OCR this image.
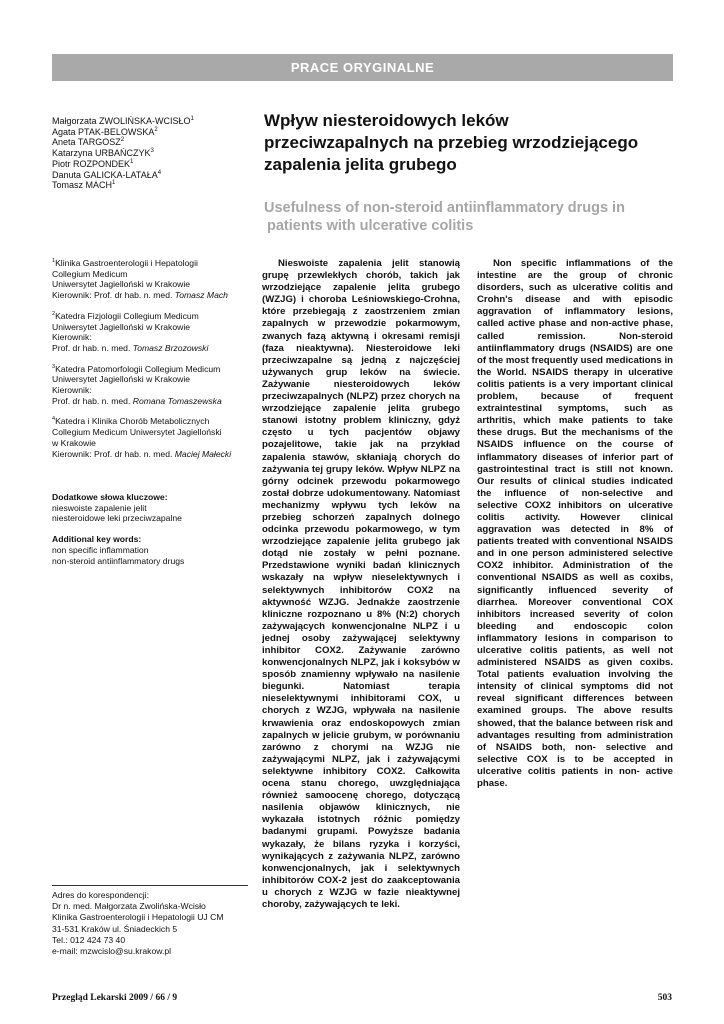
PRACE ORYGINALNE
Małgorzata ZWOLIŃSKA-WCISŁO$^1$
Agata PTAK-BELOWSKA$^2$
Aneta TARGOSZ$^2$
Katarzyna URBAŃCZYK$^3$
Piotr ROZPONDEK$^1$
Danuta GALICKA-LATAŁA$^4$
Tomasz MACH$^1$
Wpływ niesteroidowych leków
przeciwzapalnych na przebieg wrzodziejącego
zapalenia jelita grubego
Usefulness of non-steroid antiinflammatory drugs in
patients with ulcerative colitis
$^1$Klinika Gastroenterologii i Hepatologii
Collegium Medicum
Uniwersytet Jagielloński w Krakowie
Kierownik: Prof. dr hab. n. med. Tomasz Mach
$^2$Katedra Fizjologii Collegium Medicum
Uniwersytet Jagielloński w Krakowie
Kierownik:
Prof. dr hab. n. med. Tomasz Brzozowski
$^3$Katedra Patomorfologii Collegium Medicum
Uniwersytet Jagielloński w Krakowie
Kierownik:
Prof. dr hab. n. med. Romana Tomaszewska
$^4$Katedra i Klinika Chorób Metabolicznych
Collegium Medicum Uniwersytet Jagielloński
w Krakowie
Kierownik: Prof. dr hab. n. med. Maciej Małecki
Dodatkowe słowa kluczowe:
nieswoiste zapalenie jelit
niesteroidowe leki przeciwzapalne
Additional key words:
non specific inflammation
non-steroid antiinflammatory drugs
Adres do korespondencji:
Dr n. med. Małgorzata Zwolińska-Wcisło
Klinika Gastroenterologii i Hepatologii UJ CM
31-531 Kraków ul. Śniadeckich 5
Tel.: 012 424 73 40
e-mail: mzwcislo@su.krakow.pl

Nieswoiste zapalenia jelit stanowią grupę przewlekłych chorób, takich jak wrzodziejące zapalenie jelita grubego (WZJG) i choroba Leśniowskiego-Crohna, które przebiegają z zaostrzeniem zmian zapalnych w przewodzie pokarmowym, zwanych fazą aktywną i okresami remisji (faza nieaktywna). Niesteroidowe leki przeciwzapalne są jedną z najczęściej używanych grup leków na świecie. Zażywanie niesteroidowych leków przeciwzapalnych (NLPZ) przez chorych na wrzodziejące zapalenie jelita grubego stanowi istotny problem kliniczny, gdyż często u tych pacjentów objawy pozajelitowe, takie jak na przykład zapalenia stawów, skłaniają chorych do zażywania tej grupy leków. Wpływ NLPZ na górny odcinek przewodu pokarmowego został dobrze udokumentowany. Natomiast mechanizmy wpływu tych leków na przebieg schorzeń zapalnych dolnego odcinka przewodu pokarmowego, w tym wrzodziejące zapalenie jelita grubego jak dotąd nie zostały w pełni poznane. Przedstawione wyniki badań klinicznych wskazały na wpływ nieselektywnych i selektywnych inhibitorów COX2 na aktywność WZJG. Jednakże zaostrzenie kliniczne rozpoznano u 8% (N:2) chorych zażywających konwencjonalne NLPZ i u jednej osoby zażywającej selektywny inhibitor COX2. Zażywanie zarówno konwencjonalnych NLPZ, jak i koksybów w sposób znamienny wpływało na nasilenie biegunki. Natomiast terapia nieselektywnymi inhibitorami COX, u chorych z WZJG, wpływała na nasilenie krwawienia oraz endoskopowych zmian zapalnych w jelicie grubym, w porównaniu zarówno z chorymi na WZJG nie zażywającymi NLPZ, jak i zażywającymi selektywne inhibitory COX2. Całkowita ocena stanu chorego, uwzględniająca również samoocenę chorego, dotyczącą nasilenia objawów klinicznych, nie wykazała istotnych różnic pomiędzy badanymi grupami. Powyższe badania wykazały, że bilans ryzyka i korzyści, wynikających z zażywania NLPZ, zarówno konwencjonalnych, jak i selektywnych inhibitorów COX-2 jest do zaakceptowania u chorych z WZJG w fazie nieaktywnej choroby, zażywających te leki.

Non specific inflammations of the intestine are the group of chronic disorders, such as ulcerative colitis and Crohn's disease and with episodic aggravation of inflammatory lesions, called active phase and non-active phase, called remission. Non-steroid antiinflammatory drugs (NSAIDS) are one of the most frequently used medications in the World. NSAIDS therapy in ulcerative colitis patients is a very important clinical problem, because of frequent extraintestinal symptoms, such as arthritis, which make patients to take these drugs. But the mechanisms of the NSAIDS influence on the course of inflammatory diseases of inferior part of gastrointestinal tract is still not known. Our results of clinical studies indicated the influence of non-selective and selective COX2 inhibitors on ulcerative colitis activity. However clinical aggravation was detected in 8% of patients treated with conventional NSAIDS and in one person administered selective COX2 inhibitor. Administration of the conventional NSAIDS as well as coxibs, significantly influenced severity of diarrhea. Moreover conventional COX inhibitors increased severity of colon bleeding and endoscopic colon inflammatory lesions in comparison to ulcerative colitis patients, as well not administered NSAIDS as given coxibs. Total patients evaluation involving the intensity of clinical symptoms did not reveal significant differences between examined groups. The above results showed, that the balance between risk and advantages resulting from administration of NSAIDS both, non- selective and selective COX is to be accepted in ulcerative colitis patients in non- active phase.

Przegląd Lekarski 2009 / 66 / 9	503
